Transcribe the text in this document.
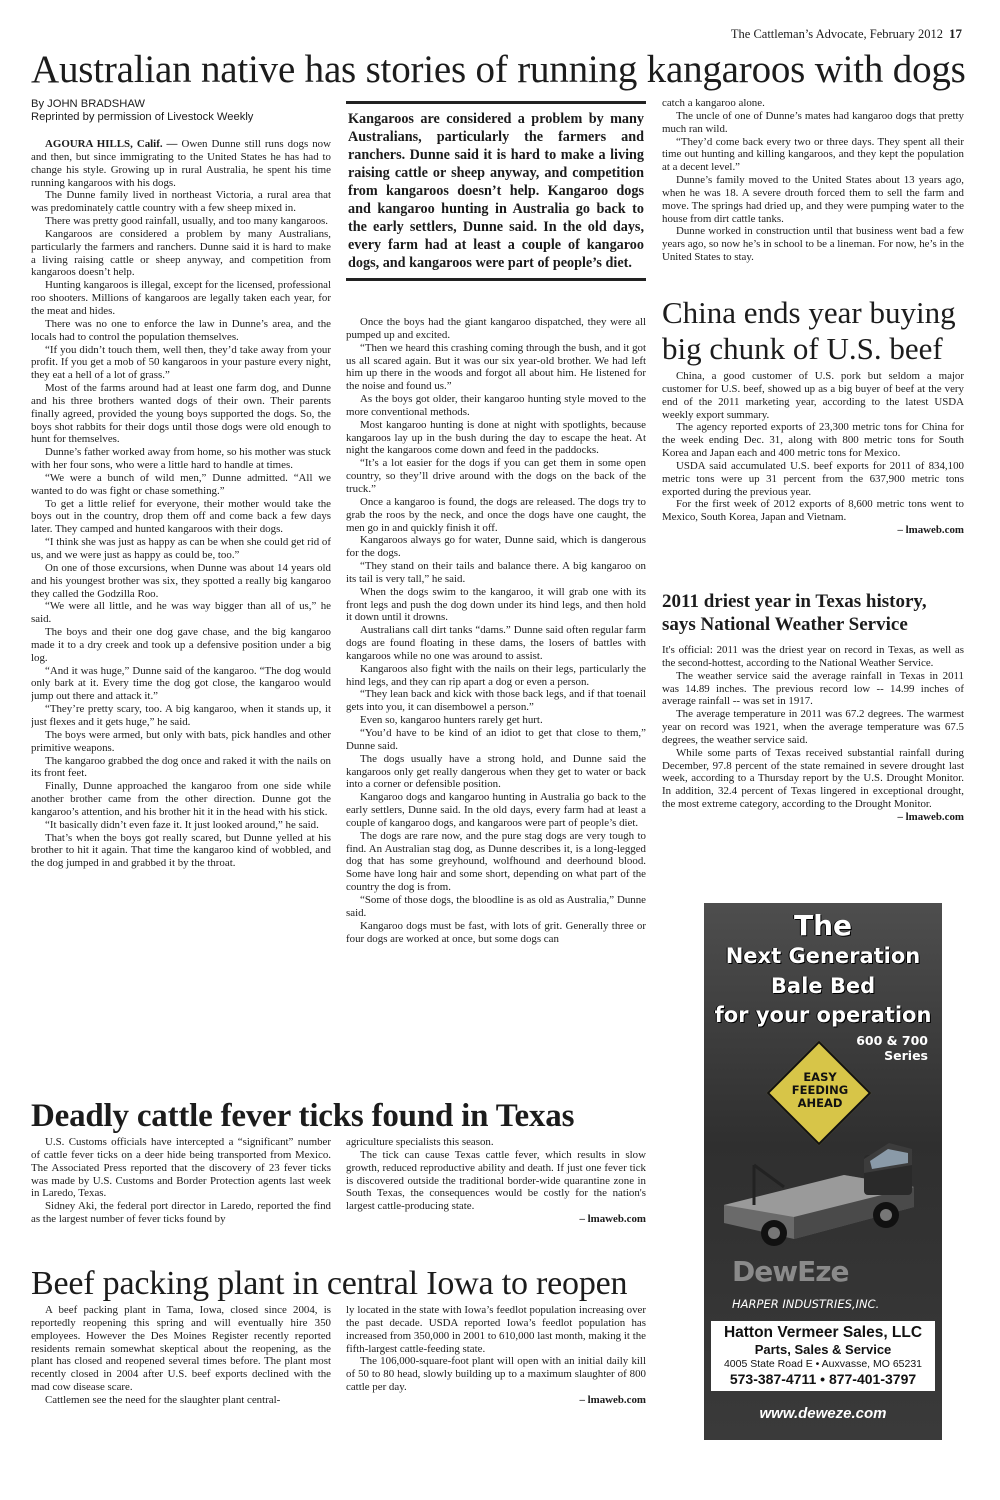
The Cattleman’s Advocate, February 2012 17
Australian native has stories of running kangaroos with dogs
By JOHN BRADSHAW
Reprinted by permission of Livestock Weekly

AGOURA HILLS, Calif. — Owen Dunne still runs dogs now and then, but since immigrating to the United States he has had to change his style. Growing up in rural Australia, he spent his time running kangaroos with his dogs.

The Dunne family lived in northeast Victoria, a rural area that was predominately cattle country with a few sheep mixed in.

There was pretty good rainfall, usually, and too many kangaroos.

Kangaroos are considered a problem by many Australians, particularly the farmers and ranchers. Dunne said it is hard to make a living raising cattle or sheep anyway, and competition from kangaroos doesn’t help.

Hunting kangaroos is illegal, except for the licensed, professional roo shooters. Millions of kangaroos are legally taken each year, for the meat and hides.

There was no one to enforce the law in Dunne’s area, and the locals had to control the population themselves.

“If you didn’t touch them, well then, they’d take away from your profit. If you get a mob of 50 kangaroos in your pasture every night, they eat a hell of a lot of grass.”

Most of the farms around had at least one farm dog, and Dunne and his three brothers wanted dogs of their own. Their parents finally agreed, provided the young boys supported the dogs. So, the boys shot rabbits for their dogs until those dogs were old enough to hunt for themselves.

Dunne’s father worked away from home, so his mother was stuck with her four sons, who were a little hard to handle at times.

“We were a bunch of wild men,” Dunne admitted. “All we wanted to do was fight or chase something.”

To get a little relief for everyone, their mother would take the boys out in the country, drop them off and come back a few days later. They camped and hunted kangaroos with their dogs.

“I think she was just as happy as can be when she could get rid of us, and we were just as happy as could be, too.”

On one of those excursions, when Dunne was about 14 years old and his youngest brother was six, they spotted a really big kangaroo they called the Godzilla Roo.

“We were all little, and he was way bigger than all of us,” he said.

The boys and their one dog gave chase, and the big kangaroo made it to a dry creek and took up a defensive position under a big log.

“And it was huge,” Dunne said of the kangaroo. “The dog would only bark at it. Every time the dog got close, the kangaroo would jump out there and attack it.”

“They’re pretty scary, too. A big kangaroo, when it stands up, it just flexes and it gets huge,” he said.

The boys were armed, but only with bats, pick handles and other primitive weapons.

The kangaroo grabbed the dog once and raked it with the nails on its front feet.

Finally, Dunne approached the kangaroo from one side while another brother came from the other direction. Dunne got the kangaroo’s attention, and his brother hit it in the head with his stick.

“It basically didn’t even faze it. It just looked around,” he said.

That’s when the boys got really scared, but Dunne yelled at his brother to hit it again. That time the kangaroo kind of wobbled, and the dog jumped in and grabbed it by the throat.

Kangaroos are considered a problem by many Australians, particularly the farmers and ranchers. Dunne said it is hard to make a living raising cattle or sheep anyway, and competition from kangaroos doesn’t help. Kangaroo dogs and kangaroo hunting in Australia go back to the early settlers, Dunne said. In the old days, every farm had at least a couple of kangaroo dogs, and kangaroos were part of people’s diet.

Once the boys had the giant kangaroo dispatched, they were all pumped up and excited.

“Then we heard this crashing coming through the bush, and it got us all scared again. But it was our six year-old brother. We had left him up there in the woods and forgot all about him. He listened for the noise and found us.”

As the boys got older, their kangaroo hunting style moved to the more conventional methods.

Most kangaroo hunting is done at night with spotlights, because kangaroos lay up in the bush during the day to escape the heat. At night the kangaroos come down and feed in the paddocks.

“It’s a lot easier for the dogs if you can get them in some open country, so they’ll drive around with the dogs on the back of the truck.”

Once a kangaroo is found, the dogs are released. The dogs try to grab the roos by the neck, and once the dogs have one caught, the men go in and quickly finish it off.

Kangaroos always go for water, Dunne said, which is dangerous for the dogs.

“They stand on their tails and balance there. A big kangaroo on its tail is very tall,” he said.

When the dogs swim to the kangaroo, it will grab one with its front legs and push the dog down under its hind legs, and then hold it down until it drowns.

Australians call dirt tanks “dams.” Dunne said often regular farm dogs are found floating in these dams, the losers of battles with kangaroos while no one was around to assist.

Kangaroos also fight with the nails on their legs, particularly the hind legs, and they can rip apart a dog or even a person.

“They lean back and kick with those back legs, and if that toenail gets into you, it can disembowel a person.”

Even so, kangaroo hunters rarely get hurt.

“You’d have to be kind of an idiot to get that close to them,” Dunne said.

The dogs usually have a strong hold, and Dunne said the kangaroos only get really dangerous when they get to water or back into a corner or defensible position.

Kangaroo dogs and kangaroo hunting in Australia go back to the early settlers, Dunne said. In the old days, every farm had at least a couple of kangaroo dogs, and kangaroos were part of people’s diet.

The dogs are rare now, and the pure stag dogs are very tough to find. An Australian stag dog, as Dunne describes it, is a long-legged dog that has some greyhound, wolfhound and deerhound blood. Some have long hair and some short, depending on what part of the country the dog is from.

“Some of those dogs, the bloodline is as old as Australia,” Dunne said.

Kangaroo dogs must be fast, with lots of grit. Generally three or four dogs are worked at once, but some dogs can

catch a kangaroo alone.

The uncle of one of Dunne’s mates had kangaroo dogs that pretty much ran wild.

“They’d come back every two or three days. They spent all their time out hunting and killing kangaroos, and they kept the population at a decent level.”

Dunne’s family moved to the United States about 13 years ago, when he was 18. A severe drouth forced them to sell the farm and move. The springs had dried up, and they were pumping water to the house from dirt cattle tanks.

Dunne worked in construction until that business went bad a few years ago, so now he’s in school to be a lineman. For now, he’s in the United States to stay.

China ends year buying big chunk of U.S. beef

China, a good customer of U.S. pork but seldom a major customer for U.S. beef, showed up as a big buyer of beef at the very end of the 2011 marketing year, according to the latest USDA weekly export summary.

The agency reported exports of 23,300 metric tons for China for the week ending Dec. 31, along with 800 metric tons for South Korea and Japan each and 400 metric tons for Mexico.

USDA said accumulated U.S. beef exports for 2011 of 834,100 metric tons were up 31 percent from the 637,900 metric tons exported during the previous year.

For the first week of 2012 exports of 8,600 metric tons went to Mexico, South Korea, Japan and Vietnam.

– lmaweb.com
2011 driest year in Texas history, says National Weather Service

It's official: 2011 was the driest year on record in Texas, as well as the second-hottest, according to the National Weather Service.

The weather service said the average rainfall in Texas in 2011 was 14.89 inches. The previous record low -- 14.99 inches of average rainfall -- was set in 1917.

The average temperature in 2011 was 67.2 degrees. The warmest year on record was 1921, when the average temperature was 67.5 degrees, the weather service said.

While some parts of Texas received substantial rainfall during December, 97.8 percent of the state remained in severe drought last week, according to a Thursday report by the U.S. Drought Monitor. In addition, 32.4 percent of Texas lingered in exceptional drought, the most extreme category, according to the Drought Monitor.

– lmaweb.com
Deadly cattle fever ticks found in Texas

U.S. Customs officials have intercepted a “significant” number of cattle fever ticks on a deer hide being transported from Mexico. The Associated Press reported that the discovery of 23 fever ticks was made by U.S. Customs and Border Protection agents last week in Laredo, Texas.

Sidney Aki, the federal port director in Laredo, reported the find as the largest number of fever ticks found by

agriculture specialists this season.

The tick can cause Texas cattle fever, which results in slow growth, reduced reproductive ability and death. If just one fever tick is discovered outside the traditional border-wide quarantine zone in South Texas, the consequences would be costly for the nation's largest cattle-producing state.

– lmaweb.com
Beef packing plant in central Iowa to reopen

A beef packing plant in Tama, Iowa, closed since 2004, is reportedly reopening this spring and will eventually hire 350 employees. However the Des Moines Register recently reported residents remain somewhat skeptical about the reopening, as the plant has closed and reopened several times before. The plant most recently closed in 2004 after U.S. beef exports declined with the mad cow disease scare.

Cattlemen see the need for the slaughter plant central-

ly located in the state with Iowa’s feedlot population increasing over the past decade. USDA reported Iowa’s feedlot population has increased from 350,000 in 2001 to 610,000 last month, making it the fifth-largest cattle-feeding state.

The 106,000-square-foot plant will open with an initial daily kill of 50 to 80 head, slowly building up to a maximum slaughter of 800 cattle per day.

– lmaweb.com
The
Next Generation
Bale Bed
for your operation
600 & 700
Series
EASY FEEDING AHEAD
DewEze
HARPER INDUSTRIES,INC.
Hatton Vermeer Sales, LLC
Parts, Sales & Service
4005 State Road E • Auxvasse, MO 65231
573-387-4711 • 877-401-3797
www.deweze.com
